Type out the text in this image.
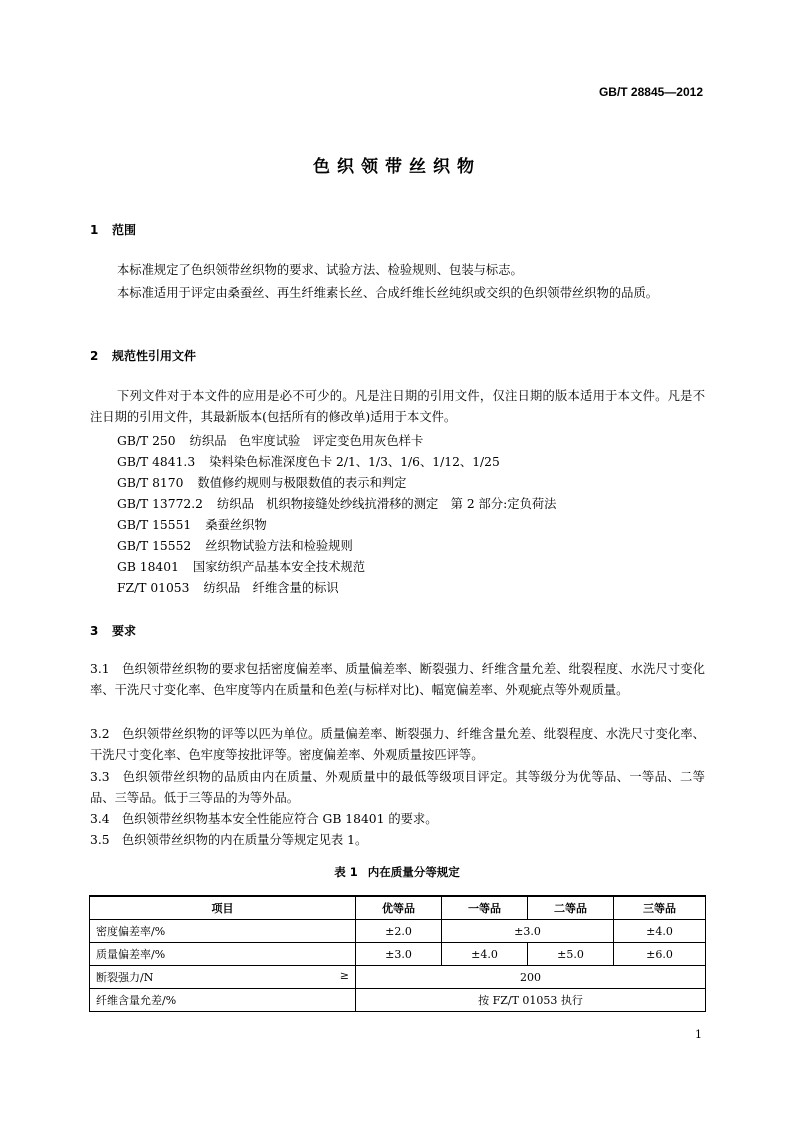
GB/T 28845—2012
色织领带丝织物
1 范围
本标准规定了色织领带丝织物的要求、试验方法、检验规则、包装与标志。
本标准适用于评定由桑蚕丝、再生纤维素长丝、合成纤维长丝纯织或交织的色织领带丝织物的品质。
2 规范性引用文件
下列文件对于本文件的应用是必不可少的。凡是注日期的引用文件，仅注日期的版本适用于本文件。凡是不注日期的引用文件，其最新版本(包括所有的修改单)适用于本文件。
GB/T 250 纺织品　色牢度试验　评定变色用灰色样卡
GB/T 4841.3 染料染色标准深度色卡 2/1、1/3、1/6、1/12、1/25
GB/T 8170 数值修约规则与极限数值的表示和判定
GB/T 13772.2 纺织品　机织物接缝处纱线抗滑移的测定　第 2 部分:定负荷法
GB/T 15551 桑蚕丝织物
GB/T 15552 丝织物试验方法和检验规则
GB 18401 国家纺织产品基本安全技术规范
FZ/T 01053 纺织品　纤维含量的标识
3 要求
3.1　 色织领带丝织物的要求包括密度偏差率、质量偏差率、断裂强力、纤维含量允差、纰裂程度、水洗尺寸变化率、干洗尺寸变化率、色牢度等内在质量和色差(与标样对比)、幅宽偏差率、外观疵点等外观质量。
3.2　 色织领带丝织物的评等以匹为单位。质量偏差率、断裂强力、纤维含量允差、纰裂程度、水洗尺寸变化率、干洗尺寸变化率、色牢度等按批评等。密度偏差率、外观质量按匹评等。
3.3　 色织领带丝织物的品质由内在质量、外观质量中的最低等级项目评定。其等级分为优等品、一等品、二等品、三等品。低于三等品的为等外品。
3.4　 色织领带丝织物基本安全性能应符合 GB 18401 的要求。
3.5　 色织领带丝织物的内在质量分等规定见表 1。
表 1 内在质量分等规定
项目	优等品	一等品	二等品	三等品
密度偏差率/%	±2.0	±3.0		±4.0
质量偏差率/%	±3.0	±4.0	±5.0	±6.0

断裂强力/N ≥	200			
纤维含量允差/%	按 FZ/T 01053 执行			
1
